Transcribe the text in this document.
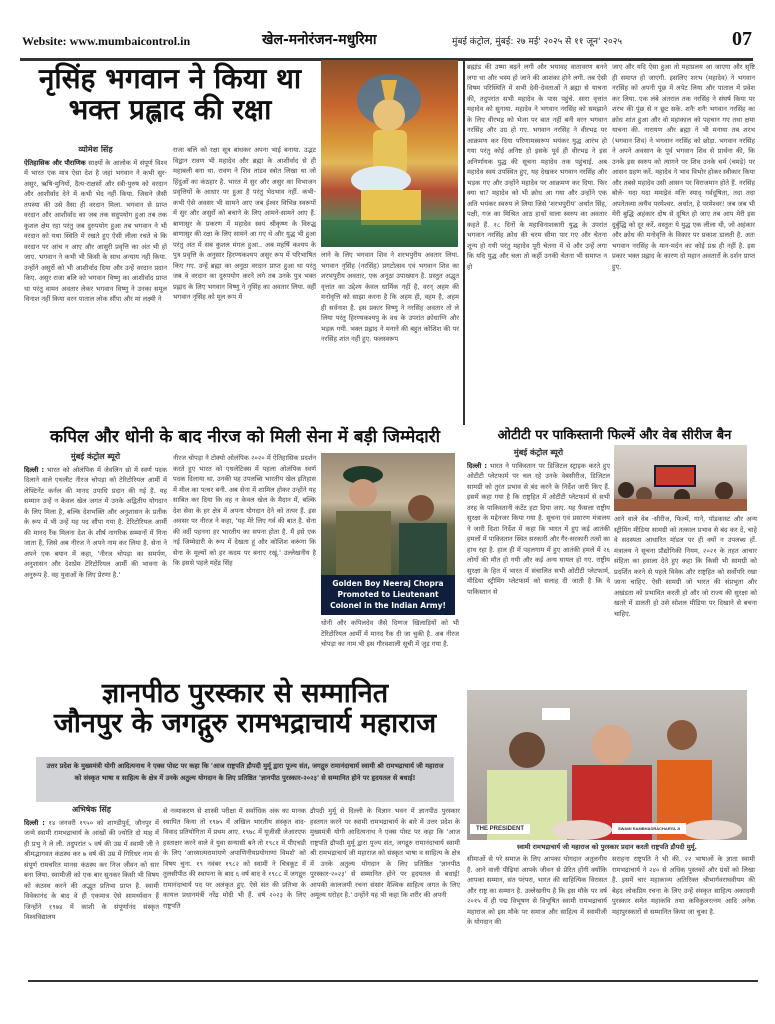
Website: www.mumbaicontrol.in	खेल-मनोरंजन-मधुरिमा	मुंबई कंट्रोल, मुंबई: २७ मई' २०२५ से ११ जून' २०२५	07
नृसिंह भगवान ने किया था
भक्त प्रह्लाद की रक्षा
व्योमेश सिंह

ऐतिहासिक और पौराणिक साक्ष्यों के आलोक में संपूर्ण विश्व में भारत एक मात्र ऐसा देश है जहां भगवान ने कभी सुर-असुर, ऋषि-मुनियों, दैत्य-राक्षसों और स्त्री-पुरुष को वरदान और आशीर्वाद देने में कभी भेद नहीं किया. जिसने जैसी तपस्या की उसे वैसा ही वरदान मिला. भगवान से प्राप्त वरदान और आशीर्वाद का जब तक सदुपयोग हुआ तब तक कुशल क्षेम रहा परंतु जब दुरुपयोग हुआ तब भगवान ने भी वरदान को यथा स्थिति में रखते हुए ऐसी लीला रचते थे कि वरदान पर आंच न आए और आसुरी प्रवृत्ति का अंत भी हो जाए. भगवान ने कभी भी किसी के साथ अन्याय नहीं किया. उन्होंने असुरों को भी आशीर्वाद दिया और उन्हें वरदान प्रदान किए. असुर राजा बलि को भगवान विष्णु का आशीर्वाद प्राप्त था परंतु वामन अवतार लेकर भगवान विष्णु ने उनका समूल विनाश नहीं किया वरन पाताल लोक सौंपा और मां लक्ष्मी ने

राजा बलि को रक्षा सूत्र बांधकर अपना भाई बनाया. उद्भट विद्वान रावण भी महादेव और ब्रह्मा के आशीर्वाद से ही महाबली बना था. रावण ने शिव तांडव स्त्रोत लिखा था जो हिंदुओं का कंठहार है. भारत में सुर और असुर का विभाजन प्रवृत्तियों के आधार पर हुआ है परंतु भेदभाव नहीं. कभी-कभी ऐसे अवसर भी सामने आए जब ईश्वर विभिन्न स्वरूपों में सुर और असुरों को बचाने के लिए आमने-सामने आए हैं. बाणासुर के प्रकरण में महादेव स्वयं श्रीकृष्ण के विरुद्ध बाणासुर की रक्षा के लिए सामने आ गए थे और युद्ध भी हुआ परंतु अंत में सब कुशल मंगल हुआ.. अब महर्षि कश्यप के पुत्र प्रवृत्ति के अनुसार हिरण्यकश्यप असुर रूप में परिभाषित किए गए. उन्हें ब्रह्मा का अनूठा वरदान प्राप्त हुआ था परंतु जब वे वरदान का दुरुपयोग करने लगे तब उनके पुत्र भक्त प्रह्लाद के लिए भगवान विष्णु ने नृसिंह का अवतार लिया. वहीं भगवान नृसिंह को मूल रूप में

लाने के लिए भगवान शिव ने शरभपुरीय अवतार लिया. भगवान नृसिंह (नरसिंह) प्रगटोत्सव एवं भगवान शिव का शरभपुरीय अवतार, एक अनूठा उपाख्यान है. प्रस्तुत अद्भुत वृत्तांत का उद्देश्य केवल धार्मिक नहीं है, वरन् अहम की मनोवृत्ति को साझा करना है कि अहम ही, वहम है, अहम ही सर्वनाश है. इस प्रकार विष्णु ने नरसिंह अवतार तो ले लिया परंतु हिरण्यकश्यपु के वध के उपरांत क्रोधाग्नि और भड़क गयी. भक्त प्रह्लाद ने मनाने की बहुत कोशिश की पर नरसिंह शांत नहीं हुए. फलस्वरूप

ब्रह्मांड की उष्मा बढ़ने लगी और भयावह वातावरण बनने लगा था और भस्म हो जाने की आशंका होने लगी. तब ऐसी विषम परिस्थिति में सभी देवी-देवताओं ने ब्रह्मा से याचना की, तदुपरांत सभी महादेव के पास पहुंचे. सारा वृत्तांत महादेव को सुनाया. महादेव ने भगवान नरसिंह को समझाने के लिए वीरभद्र को भेजा पर बात नहीं बनी वरन भगवान नरसिंह और उग्र हो गए. भगवान नरसिंह ने वीरभद्र पर आक्रमण कर दिया परिणामस्वरूप भयंकर युद्ध आरंभ हो गया परंतु कोई अनिष्ट हो इसके पूर्व ही वीरभद्र ने इस अनिर्णायक युद्ध की सूचना महादेव तक पहुंचाई. अब महादेव स्वयं उपस्थित हुए, यह देखकर भगवान नरसिंह और भड़क गए और उन्होंने महादेव पर आक्रमण कर दिया. फिर क्या था? महादेव को भी क्रोध आ गया और उन्होंने एक अति भयंकर स्वरुप ले लिया जिसे 'शरभपुरीय' अर्थात सिंह, पक्षी, गज का मिश्रित आठ हाथों वाला स्वरुप का अवतार कहते हैं. १८ दिनों के महाविनाशकारी युद्ध के उपरांत भगवान नरसिंह क्रोध की चरम सीमा पार गए और चेतना शून्य हो गयी परंतु महादेव पूरी चेतना में थे और उन्हें लगा कि यदि युद्ध और चला तो कहीं उनकी चेतना भी समाप्त न हो

जाए और यदि ऐसा हुआ तो महाप्रलय आ जाएगा और सृष्टि ही समाप्त हो जाएगी. इसलिए शरभ (महादेव) ने भगवान नरसिंह को अपनी पूंछ में लपेट लिया और पाताल में प्रवेश कर लिया. एक लंबे अंतराल तक नरसिंह ने संघर्ष किया पर शरभ की पूंछ से न छूट सके. शनैः शनैः भगवान नरसिंह का क्रोध शांत हुआ और वो महाकाल को पहचान गए तथा क्षमा याचना की. नारायण और ब्रह्मा ने भी मनाया तब शरभ (भगवान शिव) ने भगवान नरसिंह को छोड़ा. भगवान नरसिंह ने अपने अवसान के पूर्व भगवान शिव से प्रार्थना की, कि उनके इस स्वरुप को त्यागने पर शिव उनके चर्म (चमड़े) पर आसन ग्रहण करें. महादेव ने भाव विभोर होकर स्वीकार किया और तबसे महादेव उसी आसन पर विराजमान होते हैं. नरसिंह बोले- यदा यदा ममाद्रेवं मतिः स्याद् गर्वदूषिता, तदा तदा अपनेतव्या त्वयैव परमेश्वर. अर्थात, हे परमेश्वर! जब जब भी मेरी बुद्धि अहंकार दोष से दूषित हो जाए तब आप मेरी इस दुर्बुद्धि को दूर करें. वस्तुतः ये युद्ध एक लीला थी, जो अहंकार और क्रोध की मनोवृत्ति के विकार पर प्रकाश डालती है. अतः भगवान नरसिंह के मान-मर्दन का कोई प्रश्न ही नहीं है. इस प्रकार भक्त प्रह्लाद के कारण दो महान अवतारों के दर्शन प्राप्त हुए.

कपिल और धोनी के बाद नीरज को मिली सेना में बड़ी जिम्मेदारी
मुंबई कंट्रोल ब्यूरो

दिल्ली : भारत को ओलंपिक में जेवलिन थ्रो में स्वर्ण पदक दिलाने वाले एथलीट नीरज चोपड़ा को टेरिटोरियल आर्मी में लेफ्टिनेंट कर्नल की मानद उपाधि प्रदान की गई है. यह सम्मान उन्हें न केवल खेल जगत में उनके अद्वितीय योगदान के लिए मिला है, बल्कि देशभक्ति और अनुशासन के प्रतीक के रूप में भी उन्हें यह पद सौंपा गया है. टेरिटोरियल आर्मी की मानद रैंक मिलना देश के शीर्ष नागरिक सम्मानों में गिना जाता है, जिसे अब नीरज ने अपने नाम कर लिया है. सेना ने अपने एक बयान में कहा, 'नीरज चोपड़ा का समर्पण, अनुशासन और देशप्रेम टेरिटोरियल आर्मी की भावना के अनुरूप है. वह युवाओं के लिए प्रेरणा है.'

नीरज चोपड़ा ने टोक्यो ओलंपिक २०२० में ऐतिहासिक प्रदर्शन करते हुए भारत को एथलेटिक्स में पहला ओलंपिक स्वर्ण पदक दिलाया था. उनकी यह उपलब्धि भारतीय खेल इतिहास में मील का पत्थर बनी. अब सेना में शामिल होकर उन्होंने यह साबित कर दिया कि वह न केवल खेल के मैदान में, बल्कि देश सेवा के हर क्षेत्र में अपना योगदान देने को तत्पर हैं. इस अवसर पर नीरज ने कहा, 'यह मेरे लिए गर्व की बात है. सेना की वर्दी पहनना हर भारतीय का सपना होता है. मैं इसे एक नई जिम्मेदारी के रूप में देखता हूं और कोशिश करूंगा कि सेना के मूल्यों को हर कदम पर बनाए रखूं.' उल्लेखनीय है कि इससे पहले महेंद्र सिंह

Golden Boy Neeraj Chopra Promoted to Lieutenant Colonel in the Indian Army!

धोनी और कपिलदेव जैसे दिग्गज खिलाड़ियों को भी टेरिटोरियल आर्मी में मानद रैंक दी जा चुकी है. अब नीरज चोपड़ा का नाम भी इस गौरवशाली सूची में जुड़ गया है.

ओटीटी पर पाकिस्तानी फिल्में और वेब सीरीज बैन
मुंबई कंट्रोल ब्यूरो

दिल्ली : भारत ने पाकिस्तान पर डिजिटल स्ट्राइक करते हुए ओटीटी प्लेटफार्म पर चल रहे उनके वेबसीरीज, डिजिटल सामग्री को तुरंत प्रभाव से बंद करने के निर्देश जारी किए हैं. इसमें कहा गया है कि राष्ट्रहित में ओटीटी प्लेटफार्म से सभी तरह के पाकिस्तानी कंटेंट हटा दिया जाए. यह फैसला राष्ट्रीय सुरक्षा के मद्देनजर किया गया है. सूचना एवं प्रसारण मंत्रालय ने जारी दिशा निर्देश में कहा कि भारत में हुए कई आतंकी हमलों में पाकिस्तान स्थित सरकारी और गैर-सरकारी तत्वों का हाथ रहा है. हाल ही में पहलगाम में हुए आतंकी हमले में २६ लोगों की मौत हो गयी और कई अन्य घायल हो गए. राष्ट्रीय सुरक्षा के हित में भारत में संचालित सभी ओटीटी प्लेटफार्म, मीडिया स्ट्रीमिंग प्लेटफार्म को सलाह दी जाती है कि वे पाकिस्तान से

आने वाले वेब -सीरीज, फिल्में, गाने, पॉडकास्ट और अन्य स्ट्रीमिंग मीडिया सामग्री को तत्काल प्रभाव से बंद कर दें, चाहे वे सदस्यता आधारित मॉडल पर ही क्यों न उपलब्ध हों. मंत्रालय ने सूचना प्रौद्योगिकी नियम, २०२१ के तहत आचार संहिता का हवाला देते हुए कहा कि किसी भी सामग्री को प्रदर्शित करने से पहले विवेक और राष्ट्रहित को सर्वोपरि रखा जाना चाहिए. ऐसी सामग्री जो भारत की संप्रभुता और अखंडता को प्रभावित करती हो और जो राज्य की सुरक्षा को खतरे में डालती हो उसे सोशल मीडिया पर दिखाने से बचना चाहिए.

ज्ञानपीठ पुरस्कार से सम्मानित
जौनपुर के जगद्गुरु रामभद्राचार्य महाराज
उत्तर प्रदेश के मुख्यमंत्री योगी आदित्यनाथ ने एक्स पोस्ट पर कहा कि 'आज राष्ट्रपति द्रौपदी मुर्मू द्वारा पूज्य संत, जगद्गुरु रामानंदाचार्य स्वामी श्री रामभद्राचार्य जी महाराज को संस्कृत भाषा व साहित्य के क्षेत्र में उनके अतुल्य योगदान के लिए प्रतिष्ठित 'ज्ञानपीठ पुरस्कार-२०२३' से सम्मानित होने पर हृदयतल से बधाई!
अभिषेक सिंह

दिल्ली : १४ जनवरी १९५० को शाण्डीपुर्द, जौनपुर में जन्मे स्वामी रामभद्राचार्य के आंखों की ज्योति दो माह में ही प्रभु ने ले ली. तदुपरांत ५ वर्ष की उम्र में स्वामी जी ने श्रीमद्भागवत कंठस्थ कर ७ वर्ष की उम्र में गिरिधर नाम से संपूर्ण रामचरित मानस कंठस्थ कर निज जीवन को सार बना लिया. स्वामीजी को एक बार सुनकर किसी भी विषय को कंठस्थ करने की अद्भुत प्रतिभा प्राप्त है. स्वामी विवेकानंद के बाद वे ही एकमात्र ऐसे सामर्थ्यवान हैं जिन्होंने १९७४ में काशी के संपूर्णानंद संस्कृत विश्वविद्यालय

से नव्याकरण से शास्त्री परीक्षा में सर्वाधिक अंक का मानक स्थापित किया तो १९७५ में अखिल भारतीय संस्कृत वाद-विवाद प्रतियोगिता में प्रथम आए. १९७८ में यूजीसी जेआरएफ हस्ताक्षर करने वाले वे युवा सन्यासी बने तो १९८१ में पीएचडी के लिए 'आध्यात्मरामायणे अपाणिनीयप्रयोगाणां विमर्श' को विषय चुना. १९ नवंबर १९८२ को स्वामी ने चित्रकूट में तुलसीपीठ की स्थापना के बाद ६ वर्ष बाद वे १९८८ में जगद्गुरु रामानंदाचार्य पद पर अलंकृत हुए. ऐसे संत की प्रतिभा के कायल प्रधानमंत्री नरेंद्र मोदी भी हैं. वर्ष २०२३ के लिए राष्ट्रपति

द्रौपदी मुर्मू से दिल्ली के विज्ञान भवन में ज्ञानपीठ पुरस्कार हस्तगत करने पर स्वामी रामभद्राचार्य के बारे में उत्तर प्रदेश के मुख्यमंत्री योगी आदित्यनाथ ने एक्स पोस्ट पर कहा कि 'आज राष्ट्रपति द्रौपदी मुर्मू द्वारा पूज्य संत, जगद्गुरु रामानंदाचार्य स्वामी श्री रामभद्राचार्य जी महाराज को संस्कृत भाषा व साहित्य के क्षेत्र में उनके अतुल्य योगदान के लिए प्रतिष्ठित 'ज्ञानपीठ पुरस्कार-२०२३' से सम्मानित होने पर हृदयतल से बधाई! आपकी कालजयी रचना संसार वैश्विक साहित्य जगत के लिए अमूल्य धरोहर है.' उन्होंने यह भी कहा कि शरीर की अपनी

THE PRESIDENT	SWAMI RAMBHADRACHARYA JI
स्वामी रामभद्राचार्य जी महाराज को पुरस्कार प्रदान करती राष्ट्रपति द्रौपदी मुर्मू.

सीमाओं से परे समाज के लिए आपका योगदान अतुलनीय है. आने वाली पीढ़ियां आपके जीवन से प्रेरित होंगी क्योंकि आपका सम्मान, संत परंपरा, भारत की साहित्यिक विरासत और राष्ट्र का सम्मान है. उल्लेखनीय है कि इस मौके पर वर्ष २०१५ में ही पद्म विभूषण से विभूषित स्वामी रामभद्राचार्य महाराज को इस मौके पर समाज और साहित्य में स्वामीजी के योगदान की

सराहना राष्ट्रपति ने भी की. २२ भाषाओं के ज्ञाता स्वामी रामभद्राचार्य ने २४० से अधिक पुस्तकों और ग्रंथों को लिखा है. इसमें चार महाकाव्य अतिरिक्त श्रीभार्गवराघवीयम की बेहद लोकप्रिय रचना के लिए उन्हें संस्कृत साहित्य अकादमी पुरस्कार समेत महाकवि तथा कविकुलरत्नम आदि अनेक महापुरस्कारों से सम्मानित किया जा चुका है.
